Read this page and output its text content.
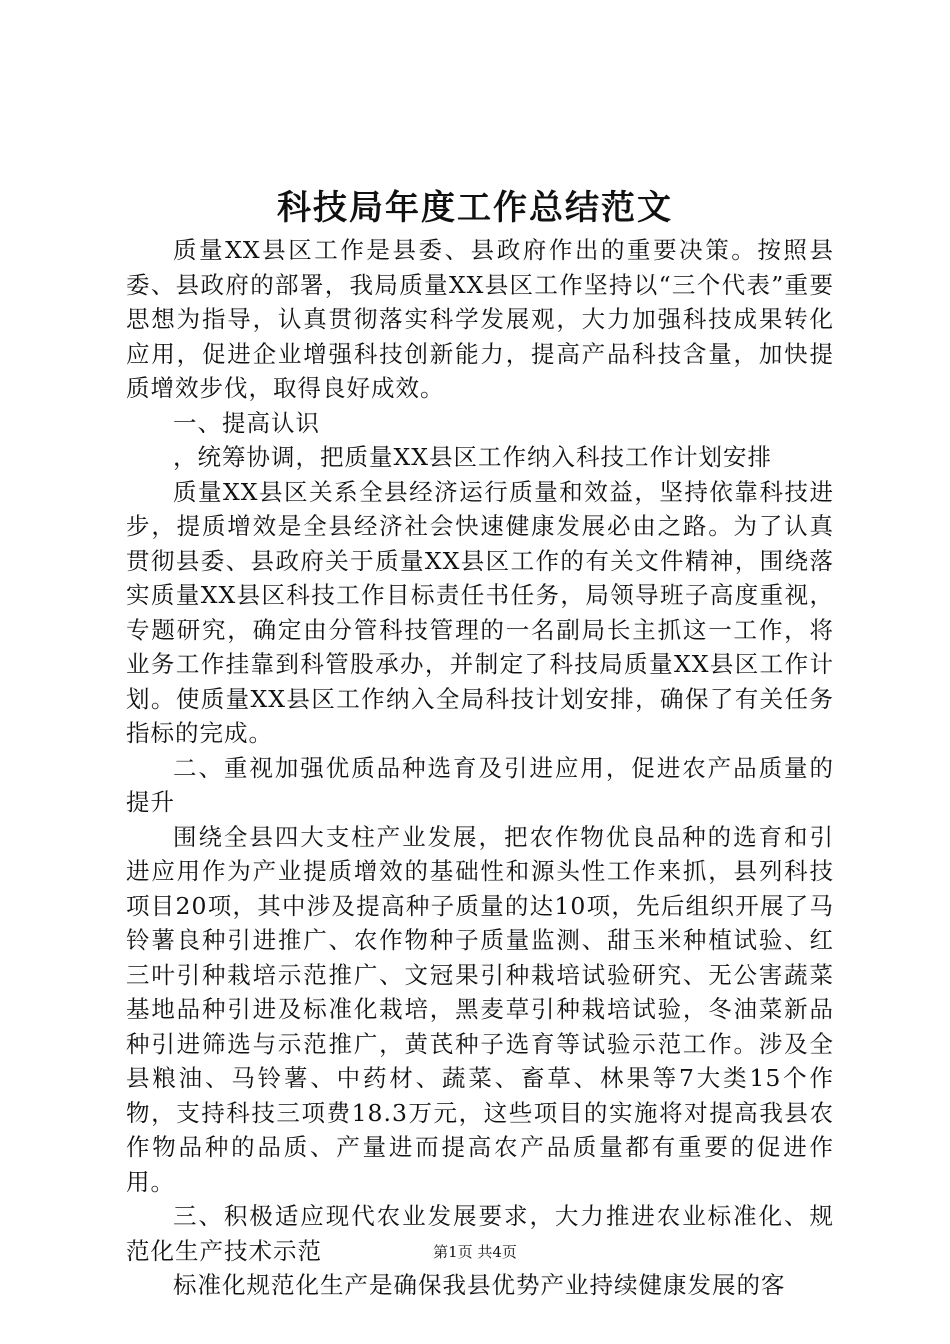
科技局年度工作总结范文

质量XX县区工作是县委、县政府作出的重要决策。按照县委、县政府的部署，我局质量XX县区工作坚持以“三个代表”重要思想为指导，认真贯彻落实科学发展观，大力加强科技成果转化应用，促进企业增强科技创新能力，提高产品科技含量，加快提质增效步伐，取得良好成效。

一、提高认识

，统筹协调，把质量XX县区工作纳入科技工作计划安排

质量XX县区关系全县经济运行质量和效益，坚持依靠科技进步，提质增效是全县经济社会快速健康发展必由之路。为了认真贯彻县委、县政府关于质量XX县区工作的有关文件精神，围绕落实质量XX县区科技工作目标责任书任务，局领导班子高度重视，专题研究，确定由分管科技管理的一名副局长主抓这一工作，将业务工作挂靠到科管股承办，并制定了科技局质量XX县区工作计划。使质量XX县区工作纳入全局科技计划安排，确保了有关任务指标的完成。

二、重视加强优质品种选育及引进应用，促进农产品质量的提升

围绕全县四大支柱产业发展，把农作物优良品种的选育和引进应用作为产业提质增效的基础性和源头性工作来抓，县列科技项目20项，其中涉及提高种子质量的达10项，先后组织开展了马铃薯良种引进推广、农作物种子质量监测、甜玉米种植试验、红三叶引种栽培示范推广、文冠果引种栽培试验研究、无公害蔬菜基地品种引进及标准化栽培，黑麦草引种栽培试验，冬油菜新品种引进筛选与示范推广，黄芪种子选育等试验示范工作。涉及全县粮油、马铃薯、中药材、蔬菜、畜草、林果等7大类15个作物，支持科技三项费18.3万元，这些项目的实施将对提高我县农作物品种的品质、产量进而提高农产品质量都有重要的促进作用。

三、积极适应现代农业发展要求，大力推进农业标准化、规范化生产技术示范

标准化规范化生产是确保我县优势产业持续健康发展的客

第1页 共4页
